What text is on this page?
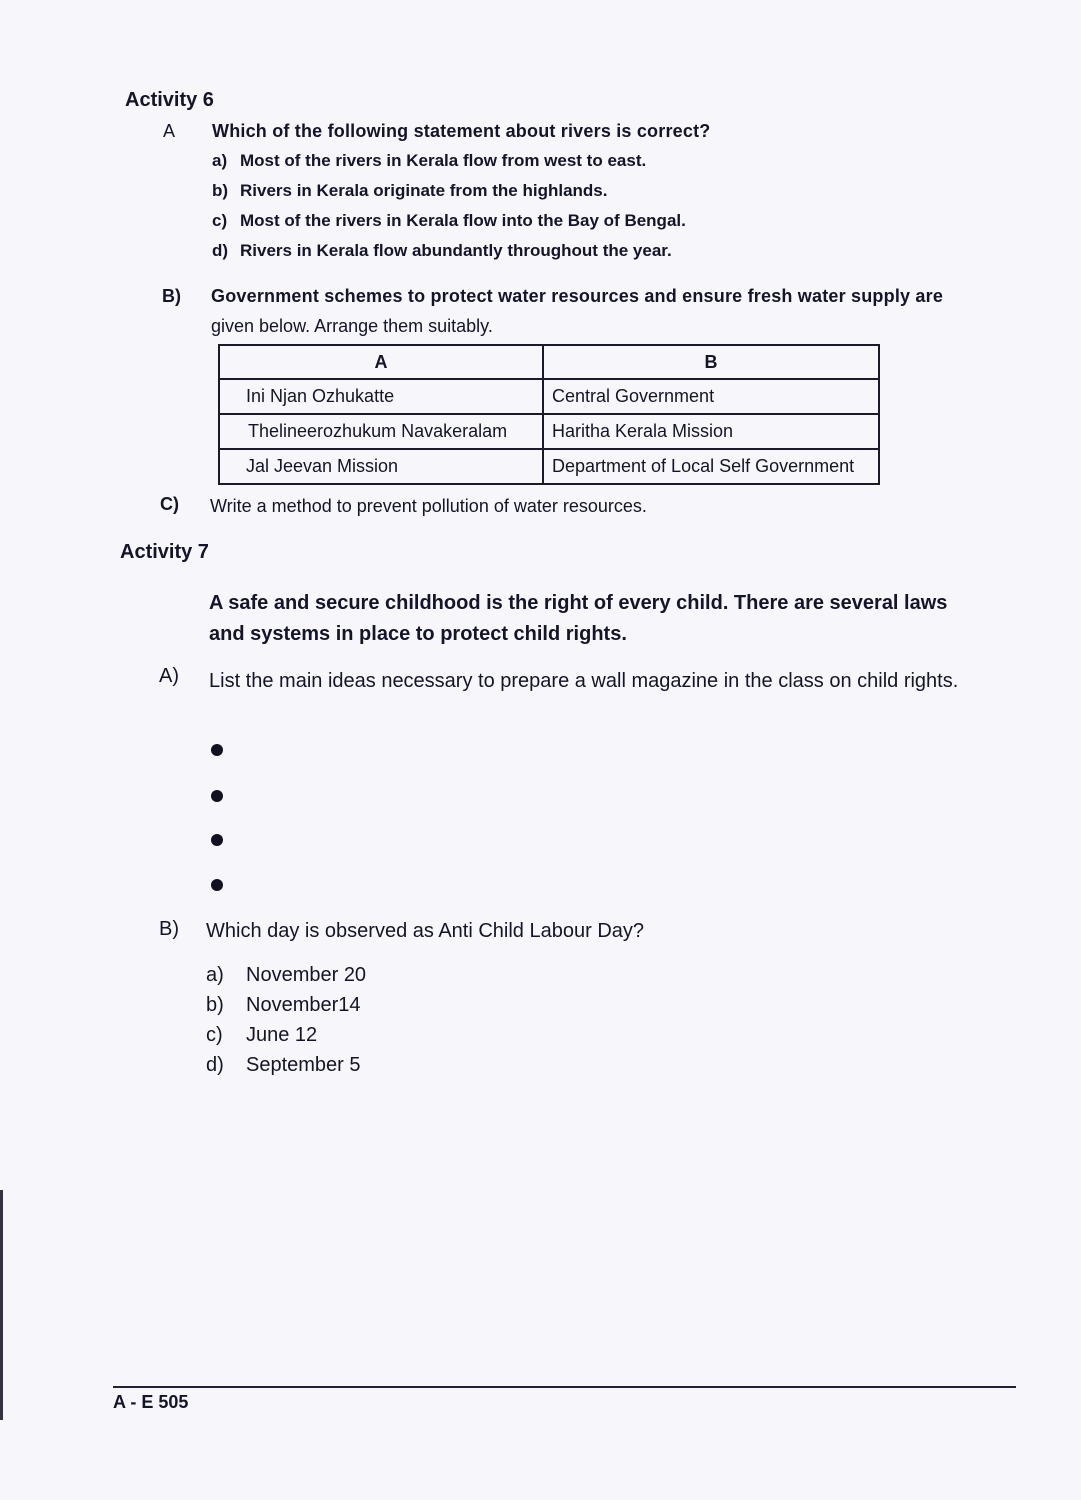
Activity 6
A Which of the following statement about rivers is correct?
a) Most of the rivers in Kerala flow from west to east.
b) Rivers in Kerala originate from the highlands.
c) Most of the rivers in Kerala flow into the Bay of Bengal.
d) Rivers in Kerala flow abundantly throughout the year.
B) Government schemes to protect water resources and ensure fresh water supply are
given below. Arrange them suitably.
A	B
Ini Njan Ozhukatte	Central Government
Thelineerozhukum Navakeralam	Haritha Kerala Mission
Jal Jeevan Mission	Department of Local Self Government
C) Write a method to prevent pollution of water resources.
Activity 7
A safe and secure childhood is the right of every child. There are several laws and systems in place to protect child rights.
A) List the main ideas necessary to prepare a wall magazine in the class on child rights.
B) Which day is observed as Anti Child Labour Day?
a) November 20
b) November14
c) June 12
d) September 5
A - E 505
